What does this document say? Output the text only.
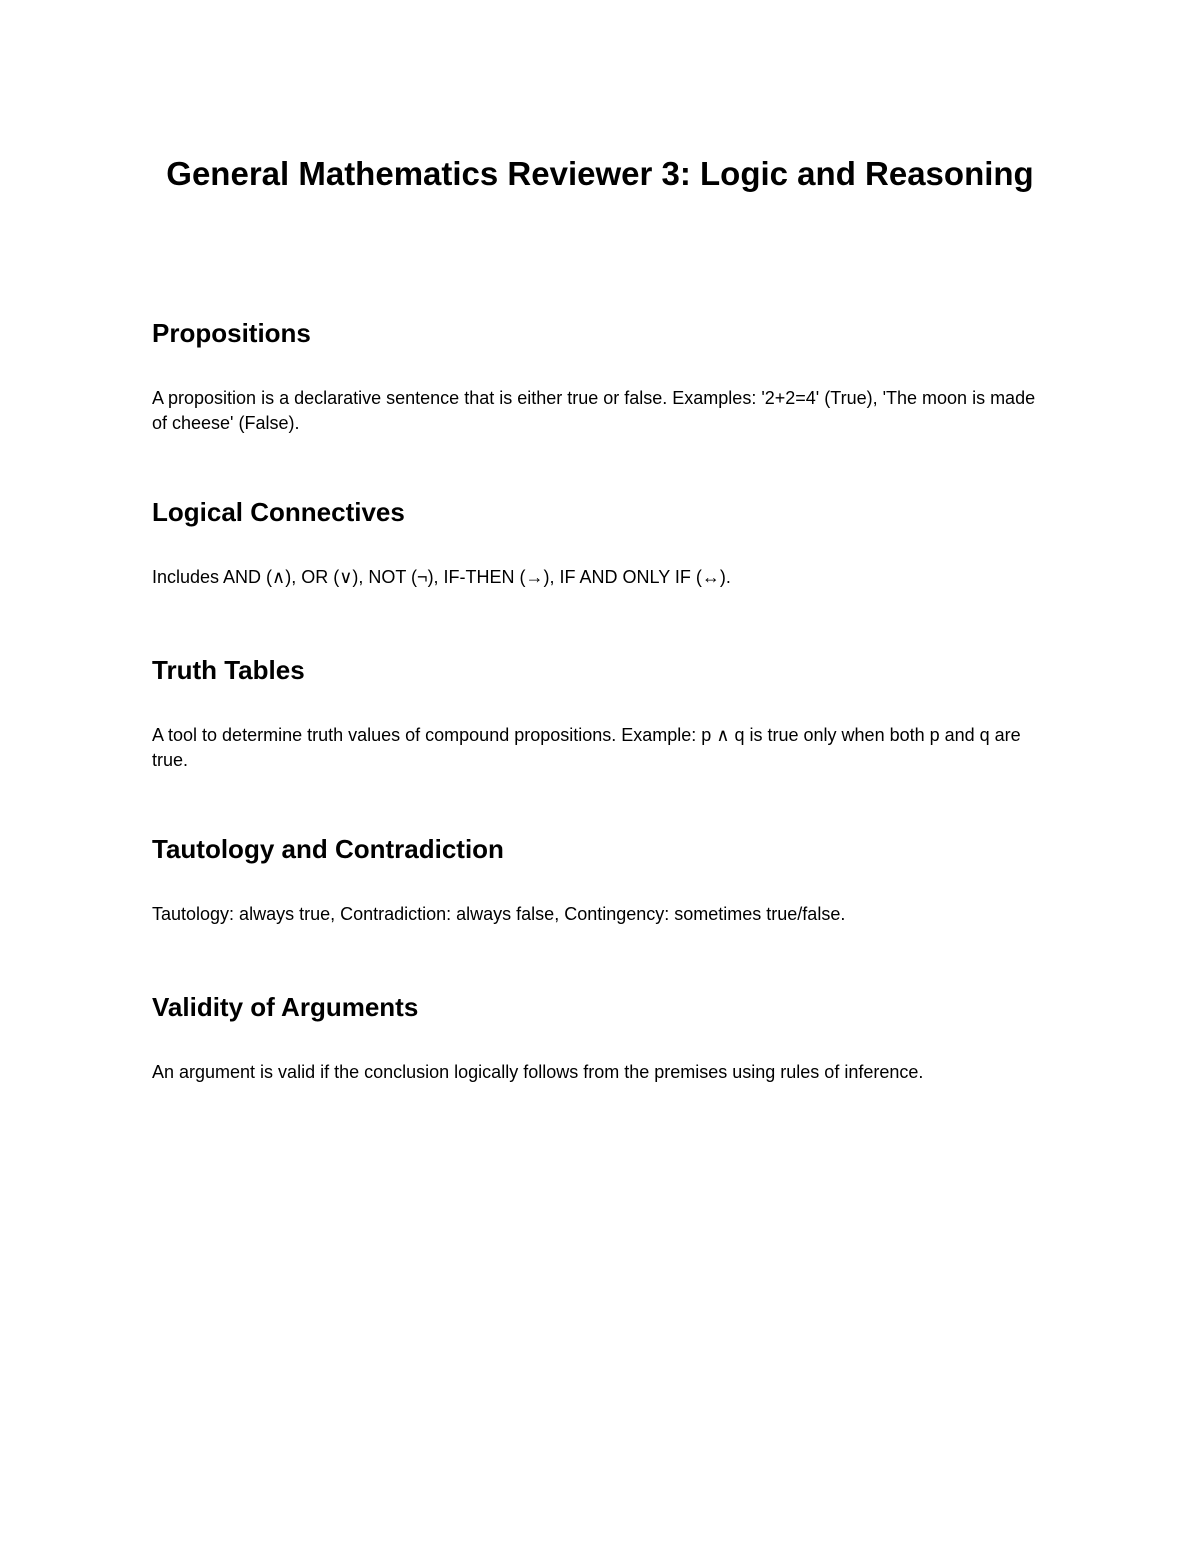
General Mathematics Reviewer 3: Logic and Reasoning
Propositions

A proposition is a declarative sentence that is either true or false. Examples: '2+2=4' (True), 'The moon is made of cheese' (False).

Logical Connectives

Includes AND (∧), OR (∨), NOT (¬), IF-THEN (→), IF AND ONLY IF (↔).

Truth Tables

A tool to determine truth values of compound propositions. Example: p ∧ q is true only when both p and q are true.

Tautology and Contradiction

Tautology: always true, Contradiction: always false, Contingency: sometimes true/false.

Validity of Arguments

An argument is valid if the conclusion logically follows from the premises using rules of inference.
